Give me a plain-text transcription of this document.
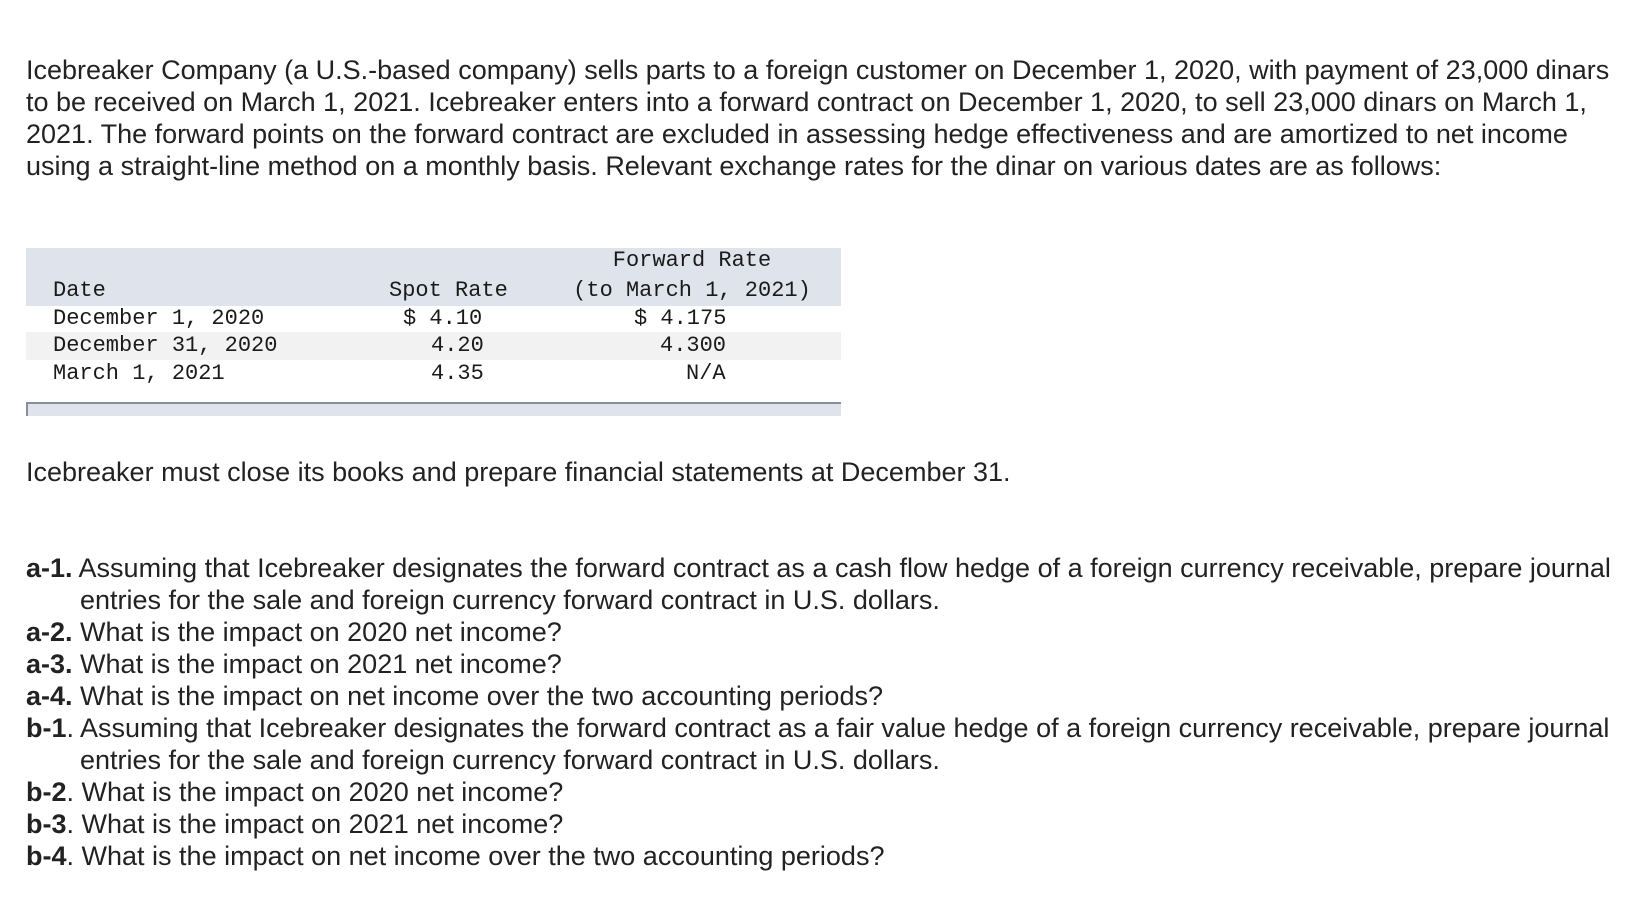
Icebreaker Company (a U.S.-based company) sells parts to a foreign customer on December 1, 2020, with payment of 23,000 dinars to be received on March 1, 2021. Icebreaker enters into a forward contract on December 1, 2020, to sell 23,000 dinars on March 1, 2021. The forward points on the forward contract are excluded in assessing hedge effectiveness and are amortized to net income using a straight-line method on a monthly basis. Relevant exchange rates for the dinar on various dates are as follows:

Forward Rate
Date	Spot Rate	(to March 1, 2021)
December 1, 2020	$ 4.10	$ 4.175
December 31, 2020	4.20	4.300
March 1, 2021	4.35	N/A

Icebreaker must close its books and prepare financial statements at December 31.

a-1. Assuming that Icebreaker designates the forward contract as a cash flow hedge of a foreign currency receivable, prepare journal entries for the sale and foreign currency forward contract in U.S. dollars.
a-2. What is the impact on 2020 net income?
a-3. What is the impact on 2021 net income?
a-4. What is the impact on net income over the two accounting periods?
b-1. Assuming that Icebreaker designates the forward contract as a fair value hedge of a foreign currency receivable, prepare journal entries for the sale and foreign currency forward contract in U.S. dollars.
b-2. What is the impact on 2020 net income?
b-3. What is the impact on 2021 net income?
b-4. What is the impact on net income over the two accounting periods?
